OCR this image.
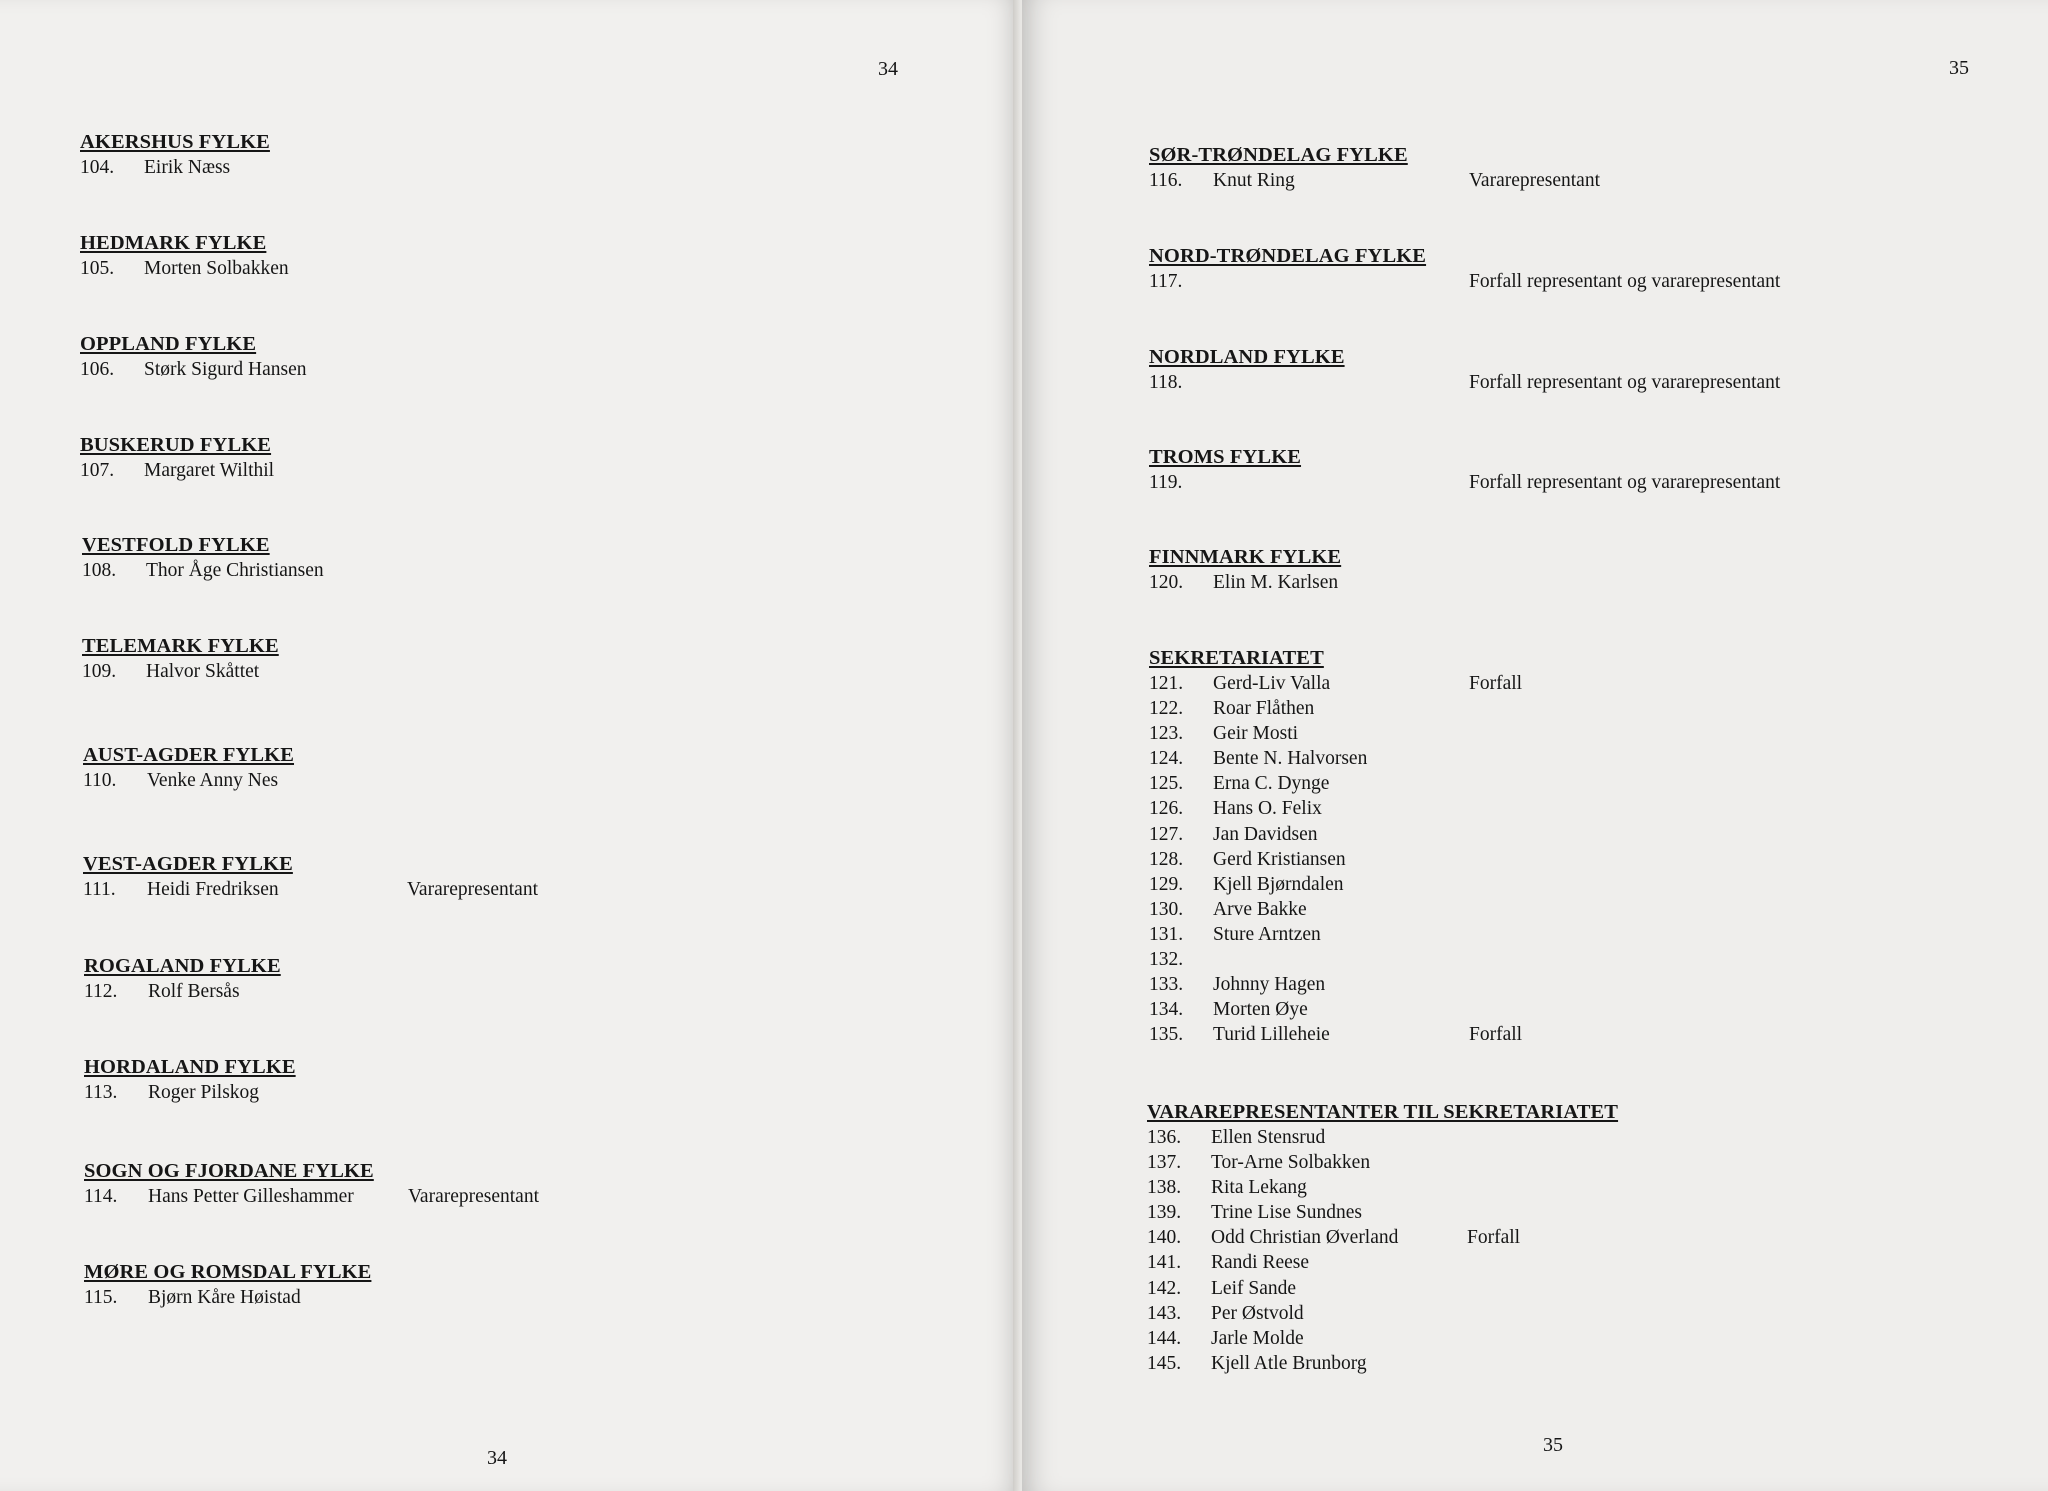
34
34
AKERSHUS FYLKE
104. Eirik Næss
HEDMARK FYLKE
105. Morten Solbakken
OPPLAND FYLKE
106. Størk Sigurd Hansen
BUSKERUD FYLKE
107. Margaret Wilthil
VESTFOLD FYLKE
108. Thor Åge Christiansen
TELEMARK FYLKE
109. Halvor Skåttet
AUST-AGDER FYLKE
110. Venke Anny Nes
VEST-AGDER FYLKE
111. Heidi Fredriksen	Vararepresentant
ROGALAND FYLKE
112. Rolf Bersås
HORDALAND FYLKE
113. Roger Pilskog
SOGN OG FJORDANE FYLKE
114. Hans Petter Gilleshammer	Vararepresentant
MØRE OG ROMSDAL FYLKE
115. Bjørn Kåre Høistad
35
35
SØR-TRØNDELAG FYLKE
116. Knut Ring	Vararepresentant
NORD-TRØNDELAG FYLKE
117.	Forfall representant og vararepresentant
NORDLAND FYLKE
118.	Forfall representant og vararepresentant
TROMS FYLKE
119.	Forfall representant og vararepresentant
FINNMARK FYLKE
120. Elin M. Karlsen
SEKRETARIATET
121. Gerd-Liv Valla	Forfall
122. Roar Flåthen
123. Geir Mosti
124. Bente N. Halvorsen
125. Erna C. Dynge
126. Hans O. Felix
127. Jan Davidsen
128. Gerd Kristiansen
129. Kjell Bjørndalen
130. Arve Bakke
131. Sture Arntzen
132.
133. Johnny Hagen
134. Morten Øye
135. Turid Lilleheie	Forfall
VARAREPRESENTANTER TIL SEKRETARIATET
136. Ellen Stensrud
137. Tor-Arne Solbakken
138. Rita Lekang
139. Trine Lise Sundnes
140. Odd Christian Øverland	Forfall
141. Randi Reese
142. Leif Sande
143. Per Østvold
144. Jarle Molde
145. Kjell Atle Brunborg
